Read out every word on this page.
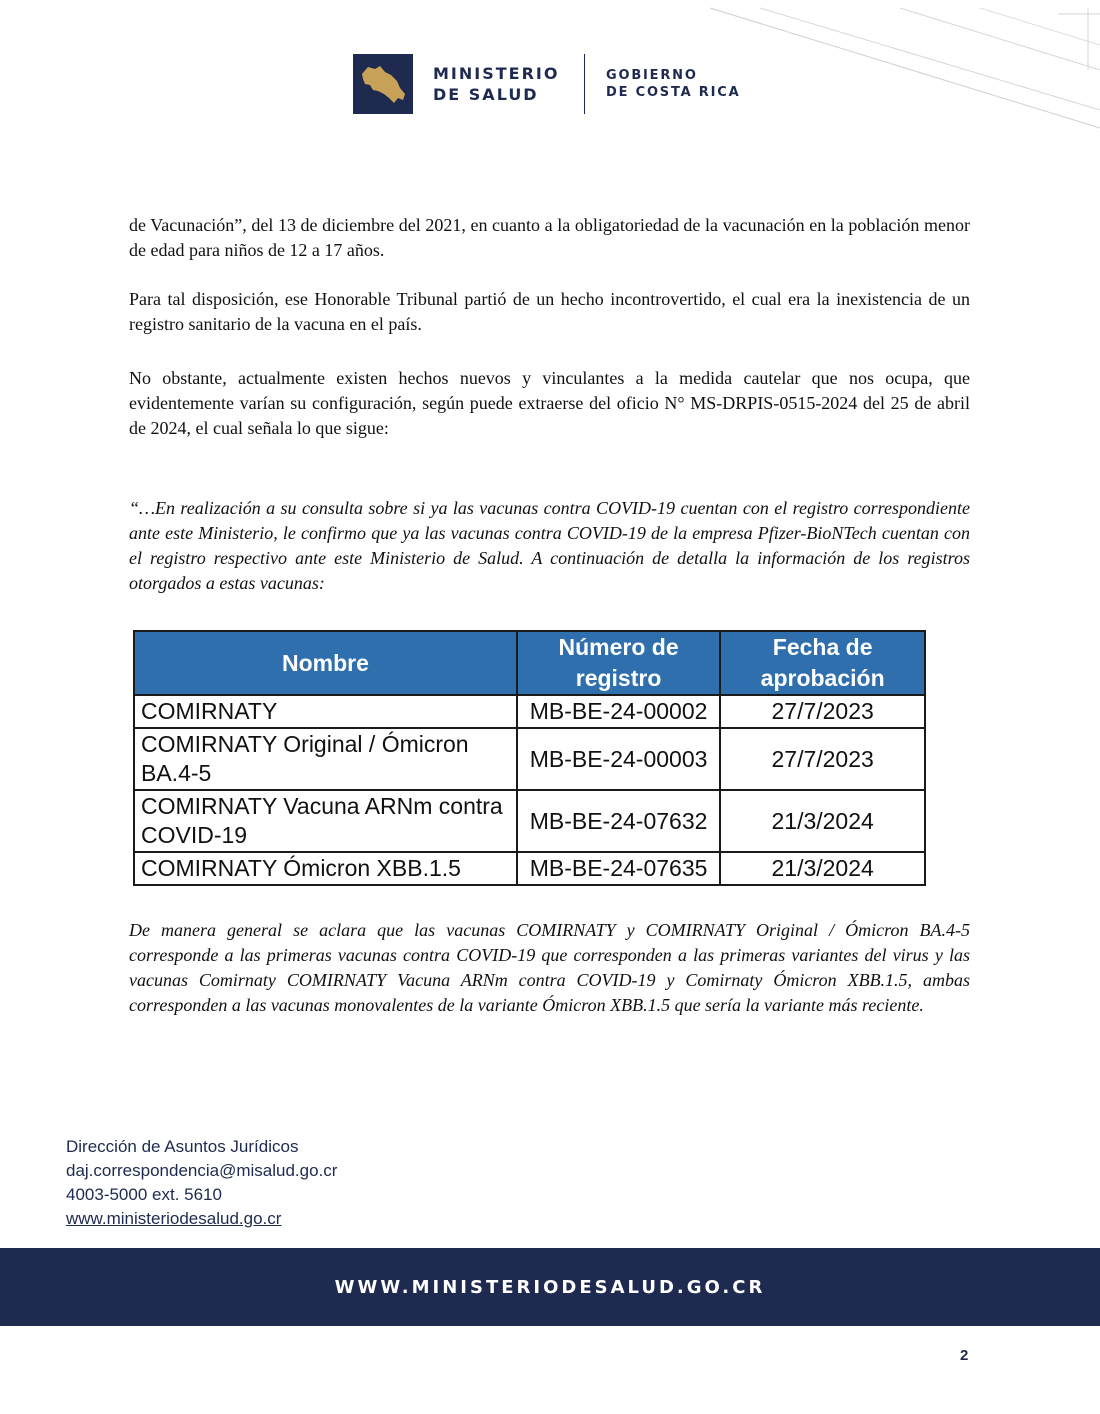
MINISTERIO
DE SALUD
GOBIERNO
DE COSTA RICA

de Vacunación”, del 13 de diciembre del 2021, en cuanto a la obligatoriedad de la vacunación en la población menor de edad para niños de 12 a 17 años.

Para tal disposición, ese Honorable Tribunal partió de un hecho incontrovertido, el cual era la inexistencia de un registro sanitario de la vacuna en el país.

No obstante, actualmente existen hechos nuevos y vinculantes a la medida cautelar que nos ocupa, que evidentemente varían su configuración, según puede extraerse del oficio N° MS-DRPIS-0515-2024 del 25 de abril de 2024, el cual señala lo que sigue:

“…En realización a su consulta sobre si ya las vacunas contra COVID-19 cuentan con el registro correspondiente ante este Ministerio, le confirmo que ya las vacunas contra COVID-19 de la empresa Pfizer-BioNTech cuentan con el registro respectivo ante este Ministerio de Salud. A continuación de detalla la información de los registros otorgados a estas vacunas:

Nombre	Número de registro	Fecha de aprobación
COMIRNATY	MB-BE-24-00002	27/7/2023
COMIRNATY Original / Ómicron BA.4-5	MB-BE-24-00003	27/7/2023
COMIRNATY Vacuna ARNm contra COVID-19	MB-BE-24-07632	21/3/2024
COMIRNATY Ómicron XBB.1.5	MB-BE-24-07635	21/3/2024

De manera general se aclara que las vacunas COMIRNATY y COMIRNATY Original / Ómicron BA.4-5 corresponde a las primeras vacunas contra COVID-19 que corresponden a las primeras variantes del virus y las vacunas Comirnaty COMIRNATY Vacuna ARNm contra COVID-19 y Comirnaty Ómicron XBB.1.5, ambas corresponden a las vacunas monovalentes de la variante Ómicron XBB.1.5 que sería la variante más reciente.

Dirección de Asuntos Jurídicos
daj.correspondencia@misalud.go.cr
4003-5000 ext. 5610
www.ministeriodesalud.go.cr
WWW.MINISTERIODESALUD.GO.CR
2
